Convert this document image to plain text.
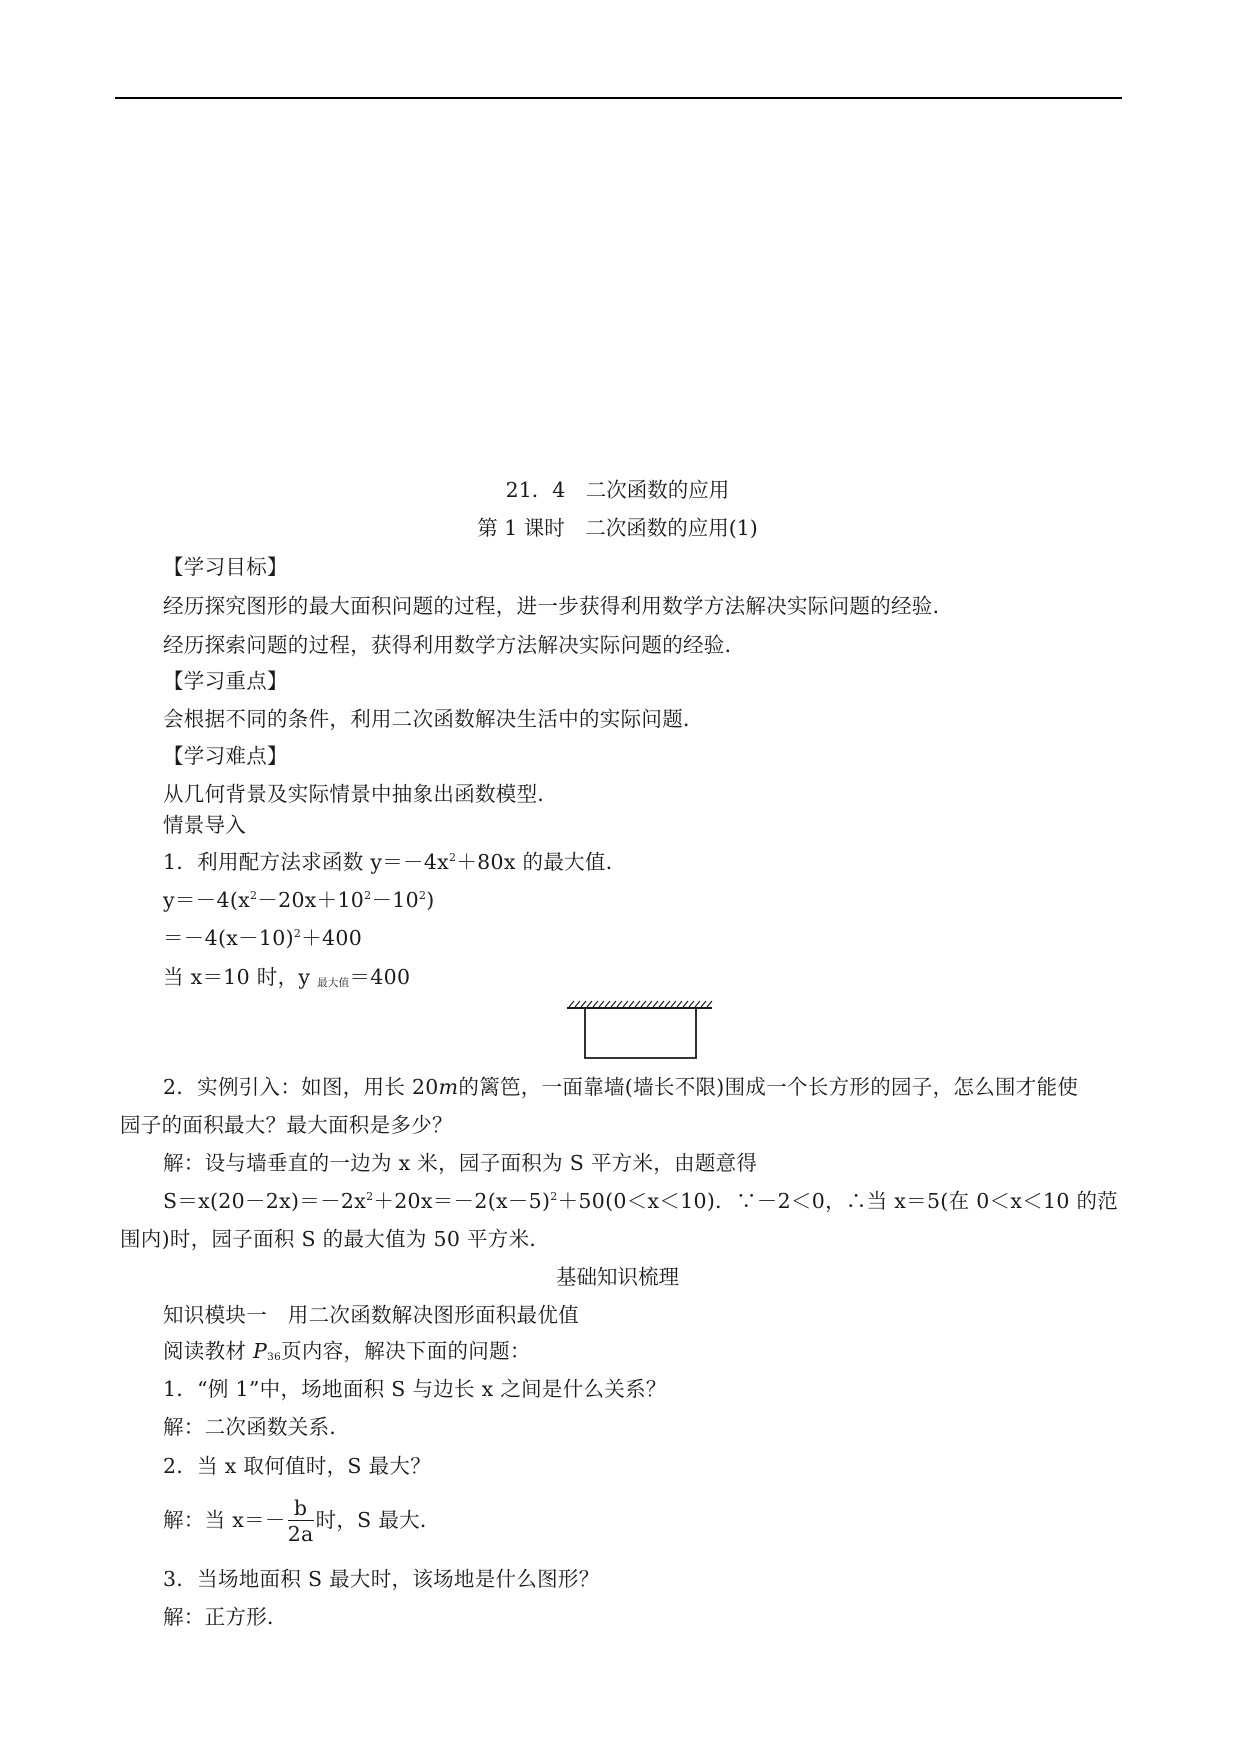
21．4　二次函数的应用
第 1 课时　二次函数的应用(1)
【学习目标】
经历探究图形的最大面积问题的过程，进一步获得利用数学方法解决实际问题的经验．
经历探索问题的过程，获得利用数学方法解决实际问题的经验．
【学习重点】
会根据不同的条件，利用二次函数解决生活中的实际问题．
【学习难点】
从几何背景及实际情景中抽象出函数模型．
情景导入
1．利用配方法求函数 $y=-4x^2+80x$ 的最大值．
$y=-4(x^2-20x+10^2-10^2)$
$=-4(x-10)^2+400$
当 x＝10 时，y $_{最大值}$＝400
2．实例引入：如图，用长 20m的篱笆，一面靠墙(墙长不限)围成一个长方形的园子，怎么围才能使
园子的面积最大？最大面积是多少？
解：设与墙垂直的一边为 x 米，园子面积为 S 平方米，由题意得
$S=x(20-2x)=-2x^2+20x=-2(x-5)^2+50(0<x<10)$．∵－2＜0，∴当 x＝5(在 0＜x＜10 的范
围内)时，园子面积 S 的最大值为 50 平方米．
基础知识梳理
知识模块一　用二次函数解决图形面积最优值
阅读教材 $P_{36}$页内容，解决下面的问题：
1．“例 1”中，场地面积 S 与边长 x 之间是什么关系？
解：二次函数关系．
2．当 x 取何值时，S 最大？
解：当 $x=- \frac{b}{2a}$ 时，S 最大．
3．当场地面积 S 最大时，该场地是什么图形？
解：正方形．
